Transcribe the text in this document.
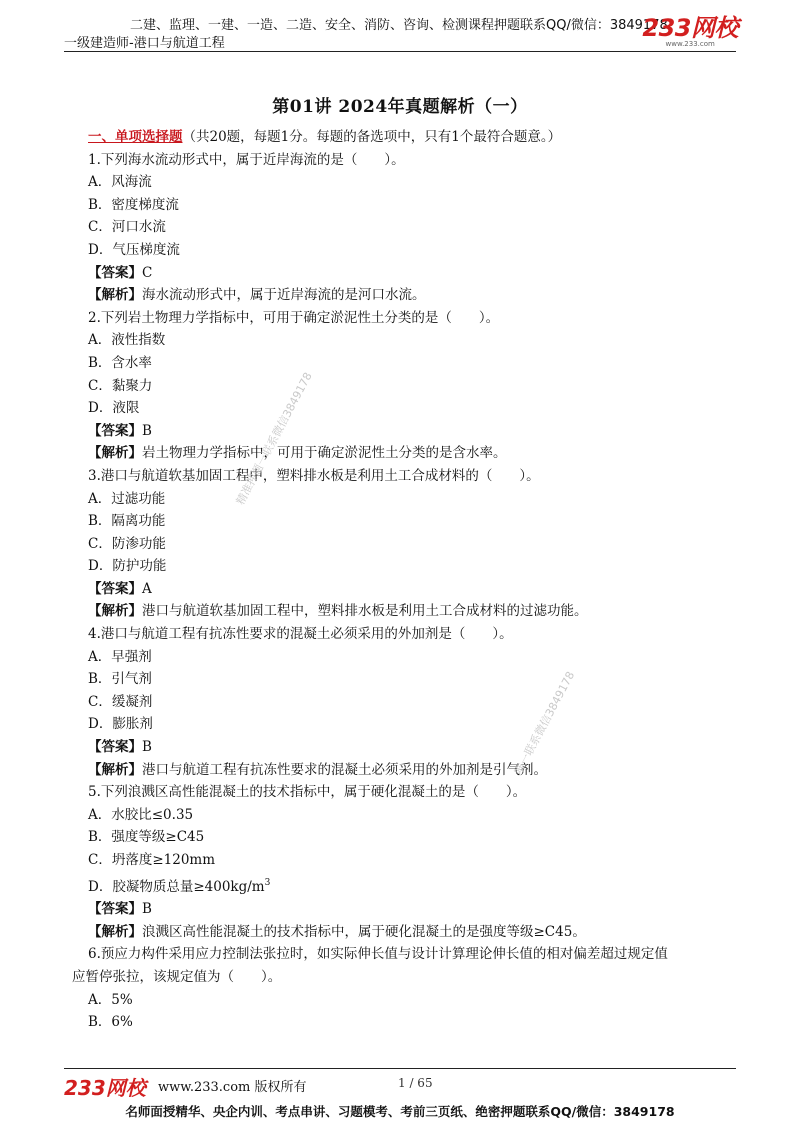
二建、监理、一建、一造、二造、安全、消防、咨询、检测课程押题联系QQ/微信：3849178
一级建造师-港口与航道工程
233网校
www.233.com
第01讲 2024年真题解析（一）
一、单项选择题 （共20题，每题1分。每题的备选项中，只有1个最符合题意。）
1.下列海水流动形式中，属于近岸海流的是（　　）。
A．风海流
B．密度梯度流
C．河口水流
D．气压梯度流
【答案】C
【解析】海水流动形式中，属于近岸海流的是河口水流。
2.下列岩土物理力学指标中，可用于确定淤泥性土分类的是（　　）。
A．液性指数
B．含水率
C．黏聚力
D．液限
【答案】B
【解析】岩土物理力学指标中，可用于确定淤泥性土分类的是含水率。
3.港口与航道软基加固工程中，塑料排水板是利用土工合成材料的（　　）。
A．过滤功能
B．隔离功能
C．防渗功能
D．防护功能
【答案】A
【解析】港口与航道软基加固工程中，塑料排水板是利用土工合成材料的过滤功能。
4.港口与航道工程有抗冻性要求的混凝土必须采用的外加剂是（　　）。
A．早强剂
B．引气剂
C．缓凝剂
D．膨胀剂
【答案】B
【解析】港口与航道工程有抗冻性要求的混凝土必须采用的外加剂是引气剂。
5.下列浪溅区高性能混凝土的技术指标中，属于硬化混凝土的是（　　）。
A．水胶比≤0.35
B．强度等级≥C45
C．坍落度≥120mm
D．胶凝物质总量$\ge 400kg/m^3$
【答案】B
【解析】浪溅区高性能混凝土的技术指标中，属于硬化混凝土的是强度等级≥C45。
6.预应力构件采用应力控制法张拉时，如实际伸长值与设计计算理论伸长值的相对偏差超过规定值
应暂停张拉，该规定值为（　　）。
A．5%
B．6%
精准押题一联系微信3849178
唯一联系微信3849178
233网校 www.233.com 版权所有	1 / 65
名师面授精华、央企内训、考点串讲、习题模考、考前三页纸、绝密押题联系QQ/微信：3849178
